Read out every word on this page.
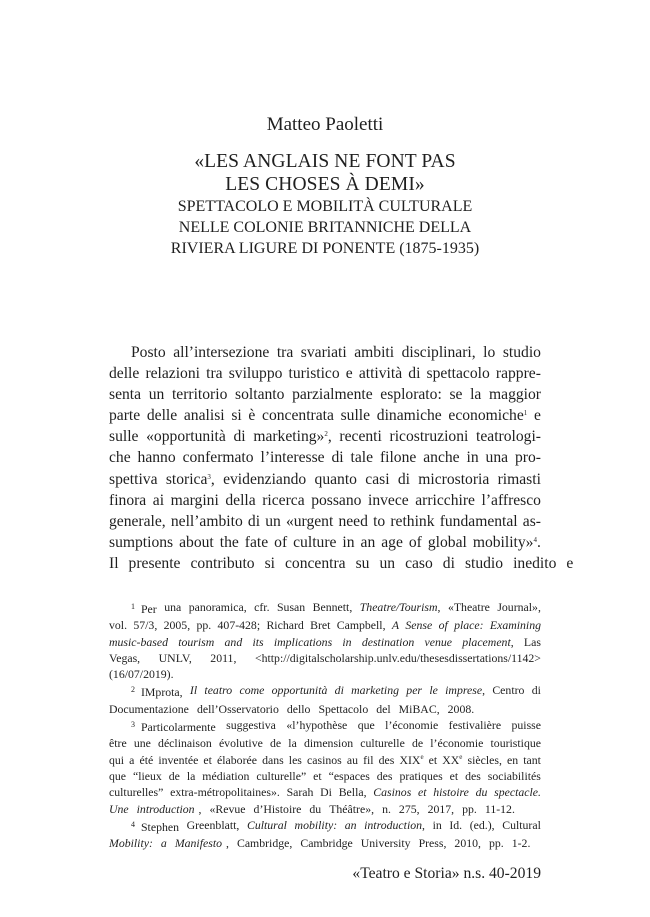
Matteo Paoletti
«LES ANGLAIS NE FONT PAS
LES CHOSES À DEMI»
SPETTACOLO E MOBILITÀ CULTURALE
NELLE COLONIE BRITANNICHE DELLA
RIVIERA LIGURE DI PONENTE (1875-1935)
Posto all’intersezione tra svariati ambiti disciplinari, lo studio
delle relazioni tra sviluppo turistico e attività di spettacolo rappre-
senta un territorio soltanto parzialmente esplorato: se la maggior
parte delle analisi si è concentrata sulle dinamiche economiche$^1$ e
sulle «opportunità di marketing»$^2$, recenti ricostruzioni teatrologi-
che hanno confermato l’interesse di tale filone anche in una pro-
spettiva storica$^3$, evidenziando quanto casi di microstoria rimasti
finora ai margini della ricerca possano invece arricchire l’affresco
generale, nell’ambito di un «urgent need to rethink fundamental as-
sumptions about the fate of culture in an age of global mobility»$^4$.
Il presente contributo si concentra su un caso di studio inedito e
$^1$ Per una panoramica, cfr. Susan Bennett, Theatre/Tourism, «Theatre Journal»,
vol. 57/3, 2005, pp. 407-428; Richard Bret Campbell, A Sense of place: Examining
music-based tourism and its implications in destination venue placement, Las
Vegas, UNLV, 2011, <http://digitalscholarship.unlv.edu/thesesdissertations/1142>
(16/07/2019).
$^2$ IMprota, Il teatro come opportunità di marketing per le imprese, Centro di
Documentazione dell’Osservatorio dello Spettacolo del MiBAC, 2008.
$^3$ Particolarmente suggestiva «l’hypothèse que l’économie festivalière puisse
être une déclinaison évolutive de la dimension culturelle de l’économie touristique
qui a été inventée et élaborée dans les casinos au fil des XIXe et XXe siècles, en tant
que “lieux de la médiation culturelle” et “espaces des pratiques et des sociabilités
culturelles” extra-métropolitaines». Sarah Di Bella, Casinos et histoire du spectacle.
Une introduction , «Revue d’Histoire du Théâtre», n. 275, 2017, pp. 11-12.
$^4$ Stephen Greenblatt, Cultural mobility: an introduction, in Id. (ed.), Cultural
Mobility: a Manifesto , Cambridge, Cambridge University Press, 2010, pp. 1-2.
«Teatro e Storia» n.s. 40-2019
